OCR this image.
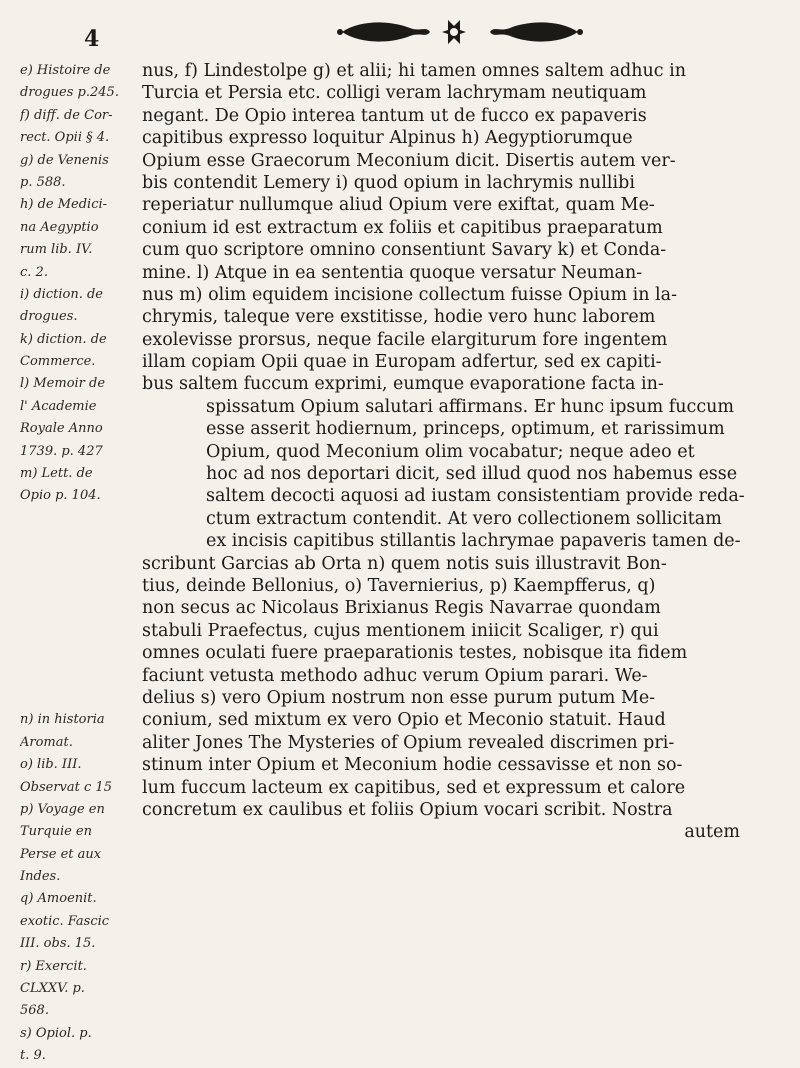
4
e) Histoire de
drogues p.245.
f) diff. de Cor-
rect. Opii § 4.
g) de Venenis
p. 588.
h) de Medici-
na Aegyptio
rum lib. IV.
c. 2.
i) diction. de
drogues.
k) diction. de
Commerce.
l) Memoir de
l' Academie
Royale Anno
1739. p. 427
m) Lett. de
Opio p. 104.
n) in historia
Aromat.
o) lib. III.
Observat c 15
p) Voyage en
Turquie en
Perse et aux
Indes.
q) Amoenit.
exotic. Fascic
III. obs. 15.
r) Exercit.
CLXXV. p.
568.
s) Opiol. p.
t. 9.
nus, f) Lindestolpe g) et alii; hi tamen omnes saltem adhuc in
Turcia et Persia etc. colligi veram lachrymam neutiquam
negant. De Opio interea tantum ut de fucco ex papaveris
capitibus expresso loquitur Alpinus h) Aegyptiorumque
Opium esse Graecorum Meconium dicit. Disertis autem ver-
bis contendit Lemery i) quod opium in lachrymis nullibi
reperiatur nullumque aliud Opium vere exiftat, quam Me-
conium id est extractum ex foliis et capitibus praeparatum
cum quo scriptore omnino consentiunt Savary k) et Conda-
mine. l) Atque in ea sententia quoque versatur Neuman-
nus m) olim equidem incisione collectum fuisse Opium in la-
chrymis, taleque vere exstitisse, hodie vero hunc laborem
exolevisse prorsus, neque facile elargiturum fore ingentem
illam copiam Opii quae in Europam adfertur, sed ex capiti-
bus saltem fuccum exprimi, eumque evaporatione facta in-
spissatum Opium salutari affirmans. Er hunc ipsum fuccum
esse asserit hodiernum, princeps, optimum, et rarissimum
Opium, quod Meconium olim vocabatur; neque adeo et
hoc ad nos deportari dicit, sed illud quod nos habemus esse
saltem decocti aquosi ad iustam consistentiam provide reda-
ctum extractum contendit. At vero collectionem sollicitam
ex incisis capitibus stillantis lachrymae papaveris tamen de-
scribunt Garcias ab Orta n) quem notis suis illustravit Bon-
tius, deinde Bellonius, o) Tavernierius, p) Kaempfferus, q)
non secus ac Nicolaus Brixianus Regis Navarrae quondam
stabuli Praefectus, cujus mentionem iniicit Scaliger, r) qui
omnes oculati fuere praeparationis testes, nobisque ita fidem
faciunt vetusta methodo adhuc verum Opium parari. We-
delius s) vero Opium nostrum non esse purum putum Me-
conium, sed mixtum ex vero Opio et Meconio statuit. Haud
aliter Jones The Mysteries of Opium revealed discrimen pri-
stinum inter Opium et Meconium hodie cessavisse et non so-
lum fuccum lacteum ex capitibus, sed et expressum et calore
concretum ex caulibus et foliis Opium vocari scribit. Nostra
autem
